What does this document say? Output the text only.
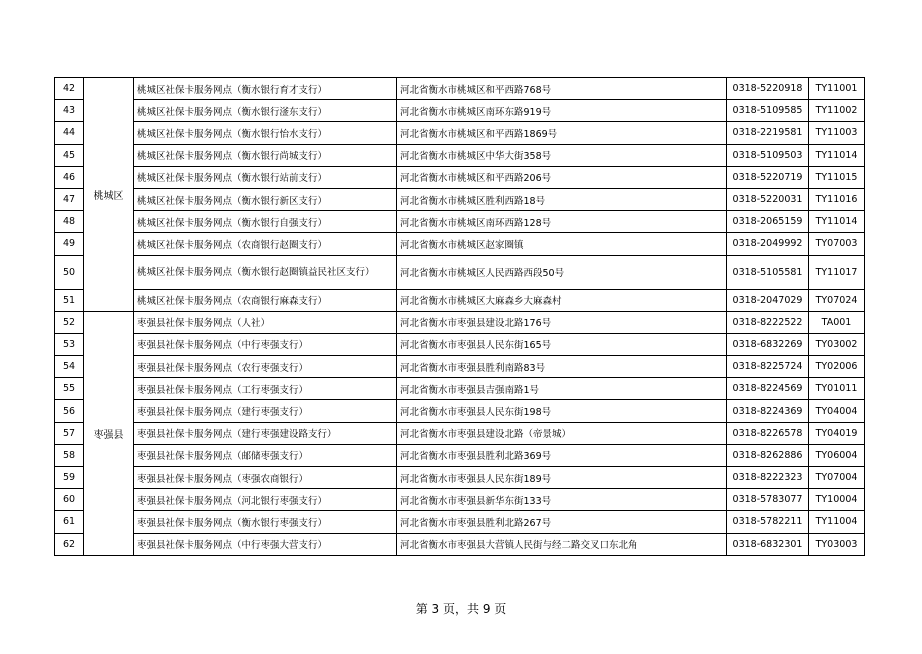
42	桃城区	桃城区社保卡服务网点（衡水银行育才支行）	河北省衡水市桃城区和平西路768号	0318-5220918	TY11001
43		桃城区社保卡服务网点（衡水银行滏东支行）	河北省衡水市桃城区南环东路919号	0318-5109585	TY11002
44		桃城区社保卡服务网点（衡水银行怡水支行）	河北省衡水市桃城区和平西路1869号	0318-2219581	TY11003
45		桃城区社保卡服务网点（衡水银行尚城支行）	河北省衡水市桃城区中华大街358号	0318-5109503	TY11014
46		桃城区社保卡服务网点（衡水银行站前支行）	河北省衡水市桃城区和平西路206号	0318-5220719	TY11015
47		桃城区社保卡服务网点（衡水银行新区支行）	河北省衡水市桃城区胜利西路18号	0318-5220031	TY11016
48		桃城区社保卡服务网点（衡水银行自强支行）	河北省衡水市桃城区南环西路128号	0318-2065159	TY11014
49		桃城区社保卡服务网点（农商银行赵圈支行）	河北省衡水市桃城区赵家圈镇	0318-2049992	TY07003
50		桃城区社保卡服务网点（衡水银行赵圈镇益民社区支行）	河北省衡水市桃城区人民西路西段50号	0318-5105581	TY11017
51		桃城区社保卡服务网点（农商银行麻森支行）	河北省衡水市桃城区大麻森乡大麻森村	0318-2047029	TY07024
52	枣强县	枣强县社保卡服务网点（人社）	河北省衡水市枣强县建设北路176号	0318-8222522	TA001
53		枣强县社保卡服务网点（中行枣强支行）	河北省衡水市枣强县人民东街165号	0318-6832269	TY03002
54		枣强县社保卡服务网点（农行枣强支行）	河北省衡水市枣强县胜利南路83号	0318-8225724	TY02006
55		枣强县社保卡服务网点（工行枣强支行）	河北省衡水市枣强县吉强南路1号	0318-8224569	TY01011
56		枣强县社保卡服务网点（建行枣强支行）	河北省衡水市枣强县人民东街198号	0318-8224369	TY04004
57		枣强县社保卡服务网点（建行枣强建设路支行）	河北省衡水市枣强县建设北路（帝景城）	0318-8226578	TY04019
58		枣强县社保卡服务网点（邮储枣强支行）	河北省衡水市枣强县胜利北路369号	0318-8262886	TY06004
59		枣强县社保卡服务网点（枣强农商银行）	河北省衡水市枣强县人民东街189号	0318-8222323	TY07004
60		枣强县社保卡服务网点（河北银行枣强支行）	河北省衡水市枣强县新华东街133号	0318-5783077	TY10004
61		枣强县社保卡服务网点（衡水银行枣强支行）	河北省衡水市枣强县胜利北路267号	0318-5782211	TY11004
62		枣强县社保卡服务网点（中行枣强大营支行）	河北省衡水市枣强县大营镇人民街与经二路交叉口东北角	0318-6832301	TY03003
第 3 页，共 9 页
